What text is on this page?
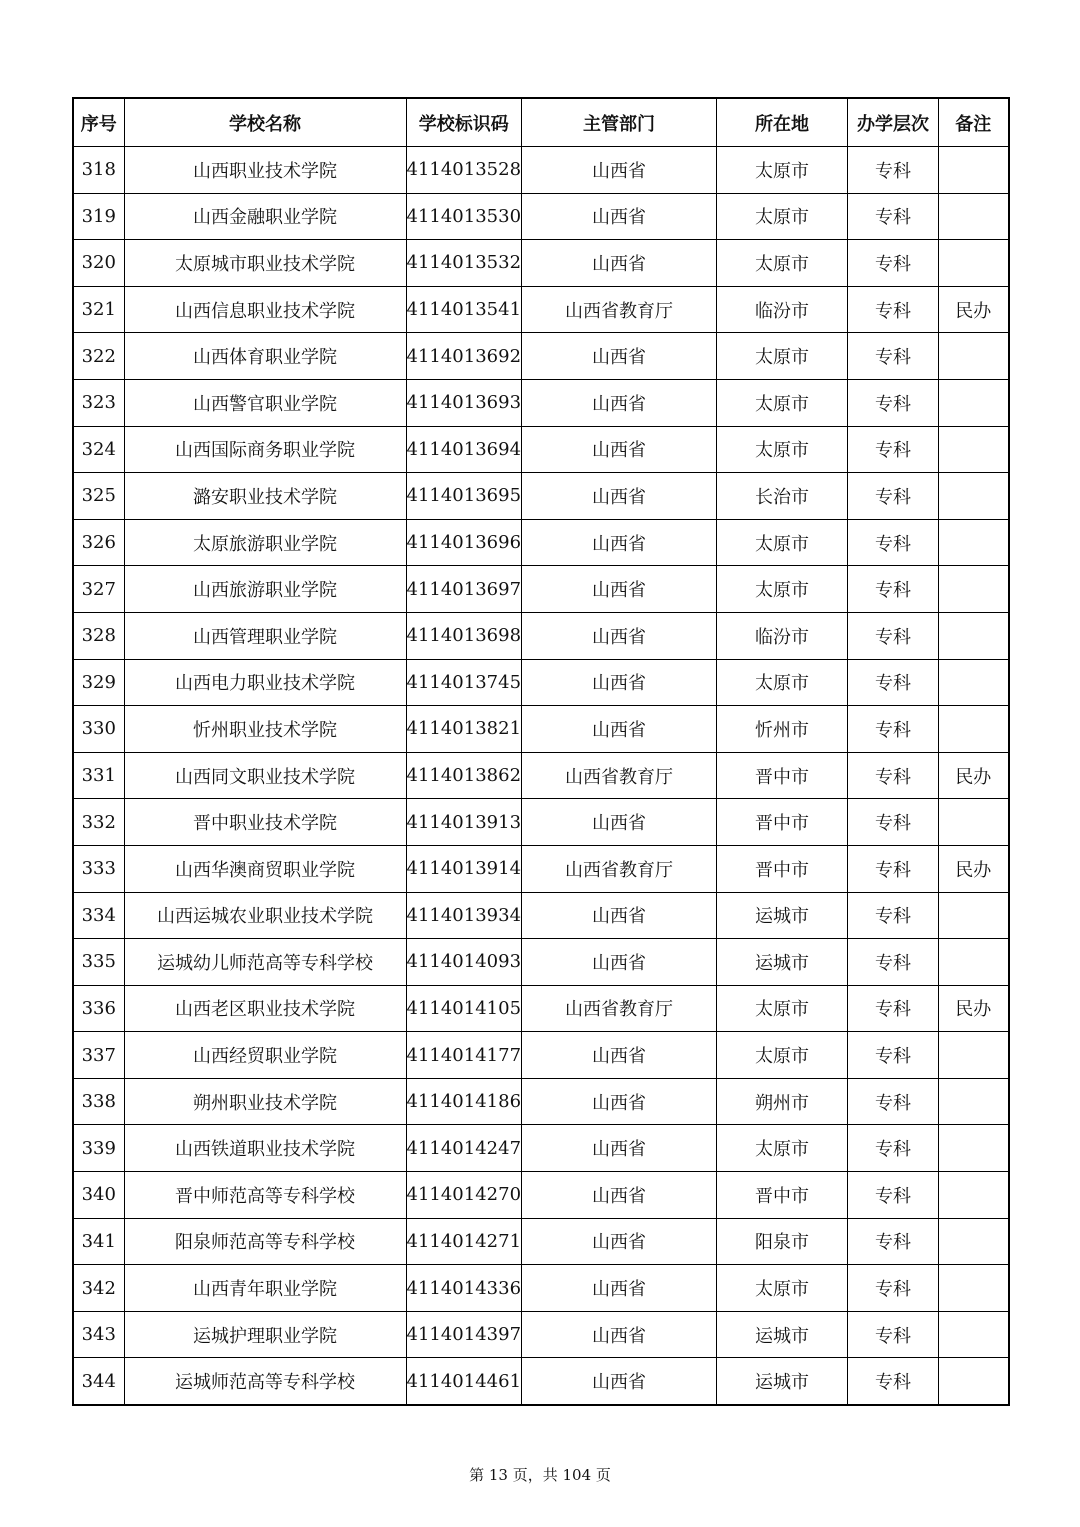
序号	学校名称	学校标识码	主管部门	所在地	办学层次	备注
318	山西职业技术学院	4114013528	山西省	太原市	专科	
319	山西金融职业学院	4114013530	山西省	太原市	专科	
320	太原城市职业技术学院	4114013532	山西省	太原市	专科	
321	山西信息职业技术学院	4114013541	山西省教育厅	临汾市	专科	民办
322	山西体育职业学院	4114013692	山西省	太原市	专科	
323	山西警官职业学院	4114013693	山西省	太原市	专科	
324	山西国际商务职业学院	4114013694	山西省	太原市	专科	
325	潞安职业技术学院	4114013695	山西省	长治市	专科	
326	太原旅游职业学院	4114013696	山西省	太原市	专科	
327	山西旅游职业学院	4114013697	山西省	太原市	专科	
328	山西管理职业学院	4114013698	山西省	临汾市	专科	
329	山西电力职业技术学院	4114013745	山西省	太原市	专科	
330	忻州职业技术学院	4114013821	山西省	忻州市	专科	
331	山西同文职业技术学院	4114013862	山西省教育厅	晋中市	专科	民办
332	晋中职业技术学院	4114013913	山西省	晋中市	专科	
333	山西华澳商贸职业学院	4114013914	山西省教育厅	晋中市	专科	民办
334	山西运城农业职业技术学院	4114013934	山西省	运城市	专科	
335	运城幼儿师范高等专科学校	4114014093	山西省	运城市	专科	
336	山西老区职业技术学院	4114014105	山西省教育厅	太原市	专科	民办
337	山西经贸职业学院	4114014177	山西省	太原市	专科	
338	朔州职业技术学院	4114014186	山西省	朔州市	专科	
339	山西铁道职业技术学院	4114014247	山西省	太原市	专科	
340	晋中师范高等专科学校	4114014270	山西省	晋中市	专科	
341	阳泉师范高等专科学校	4114014271	山西省	阳泉市	专科	
342	山西青年职业学院	4114014336	山西省	太原市	专科	
343	运城护理职业学院	4114014397	山西省	运城市	专科	
344	运城师范高等专科学校	4114014461	山西省	运城市	专科	
第 13 页，共 104 页
